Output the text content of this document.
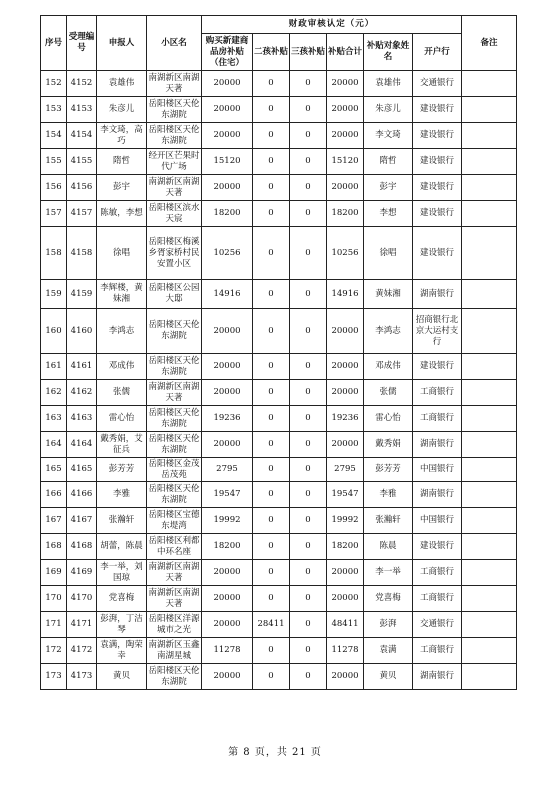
序号	受理编号	申报人	小区名	财政审核认定（元）						备注
				购买新建商品房补贴（住宅）	二孩补贴	三孩补贴	补贴合计	补贴对象姓名	开户行	
152	4152	袁雄伟	南湖新区南湖天著	20000	0	0	20000	袁雄伟	交通银行	
153	4153	朱彦儿	岳阳楼区天伦东湖院	20000	0	0	20000	朱彦儿	建设银行	
154	4154	李文琦，高巧	岳阳楼区天伦东湖院	20000	0	0	20000	李文琦	建设银行	
155	4155	隋哲	经开区芒果时代广场	15120	0	0	15120	隋哲	建设银行	
156	4156	彭宇	南湖新区南湖天著	20000	0	0	20000	彭宇	建设银行	
157	4157	陈敏，李想	岳阳楼区滨水天宸	18200	0	0	18200	李想	建设银行	
158	4158	徐唱	岳阳楼区梅溪乡胥家桥村民安置小区	10256	0	0	10256	徐唱	建设银行	
159	4159	李辉楼，黄妹湘	岳阳楼区公园大邸	14916	0	0	14916	黄妹湘	湖南银行	
160	4160	李鸿志	岳阳楼区天伦东湖院	20000	0	0	20000	李鸿志	招商银行北京大运村支行	
161	4161	邓成伟	岳阳楼区天伦东湖院	20000	0	0	20000	邓成伟	建设银行	
162	4162	张儒	南湖新区南湖天著	20000	0	0	20000	张儒	工商银行	
163	4163	雷心怡	岳阳楼区天伦东湖院	19236	0	0	19236	雷心怡	工商银行	
164	4164	戴秀娟，艾征兵	岳阳楼区天伦东湖院	20000	0	0	20000	戴秀娟	湖南银行	
165	4165	彭芳芳	岳阳楼区金茂岳茂苑	2795	0	0	2795	彭芳芳	中国银行	
166	4166	李雅	岳阳楼区天伦东湖院	19547	0	0	19547	李雅	湖南银行	
167	4167	张瀚轩	岳阳楼区宝德东堤湾	19992	0	0	19992	张瀚轩	中国银行	
168	4168	胡蕾，陈晨	岳阳楼区利都中环名座	18200	0	0	18200	陈晨	建设银行	
169	4169	李一举，刘国琼	南湖新区南湖天著	20000	0	0	20000	李一举	工商银行	
170	4170	党喜梅	南湖新区南湖天著	20000	0	0	20000	党喜梅	工商银行	
171	4171	彭湃，丁洁琴	岳阳楼区洋源城市之光	20000	28411	0	48411	彭湃	交通银行	
172	4172	袁满，陶荣幸	南湖新区玉鑫南湖星城	11278	0	0	11278	袁满	工商银行	
173	4173	黄贝	岳阳楼区天伦东湖院	20000	0	0	20000	黄贝	湖南银行	
第 8 页，共 21 页
